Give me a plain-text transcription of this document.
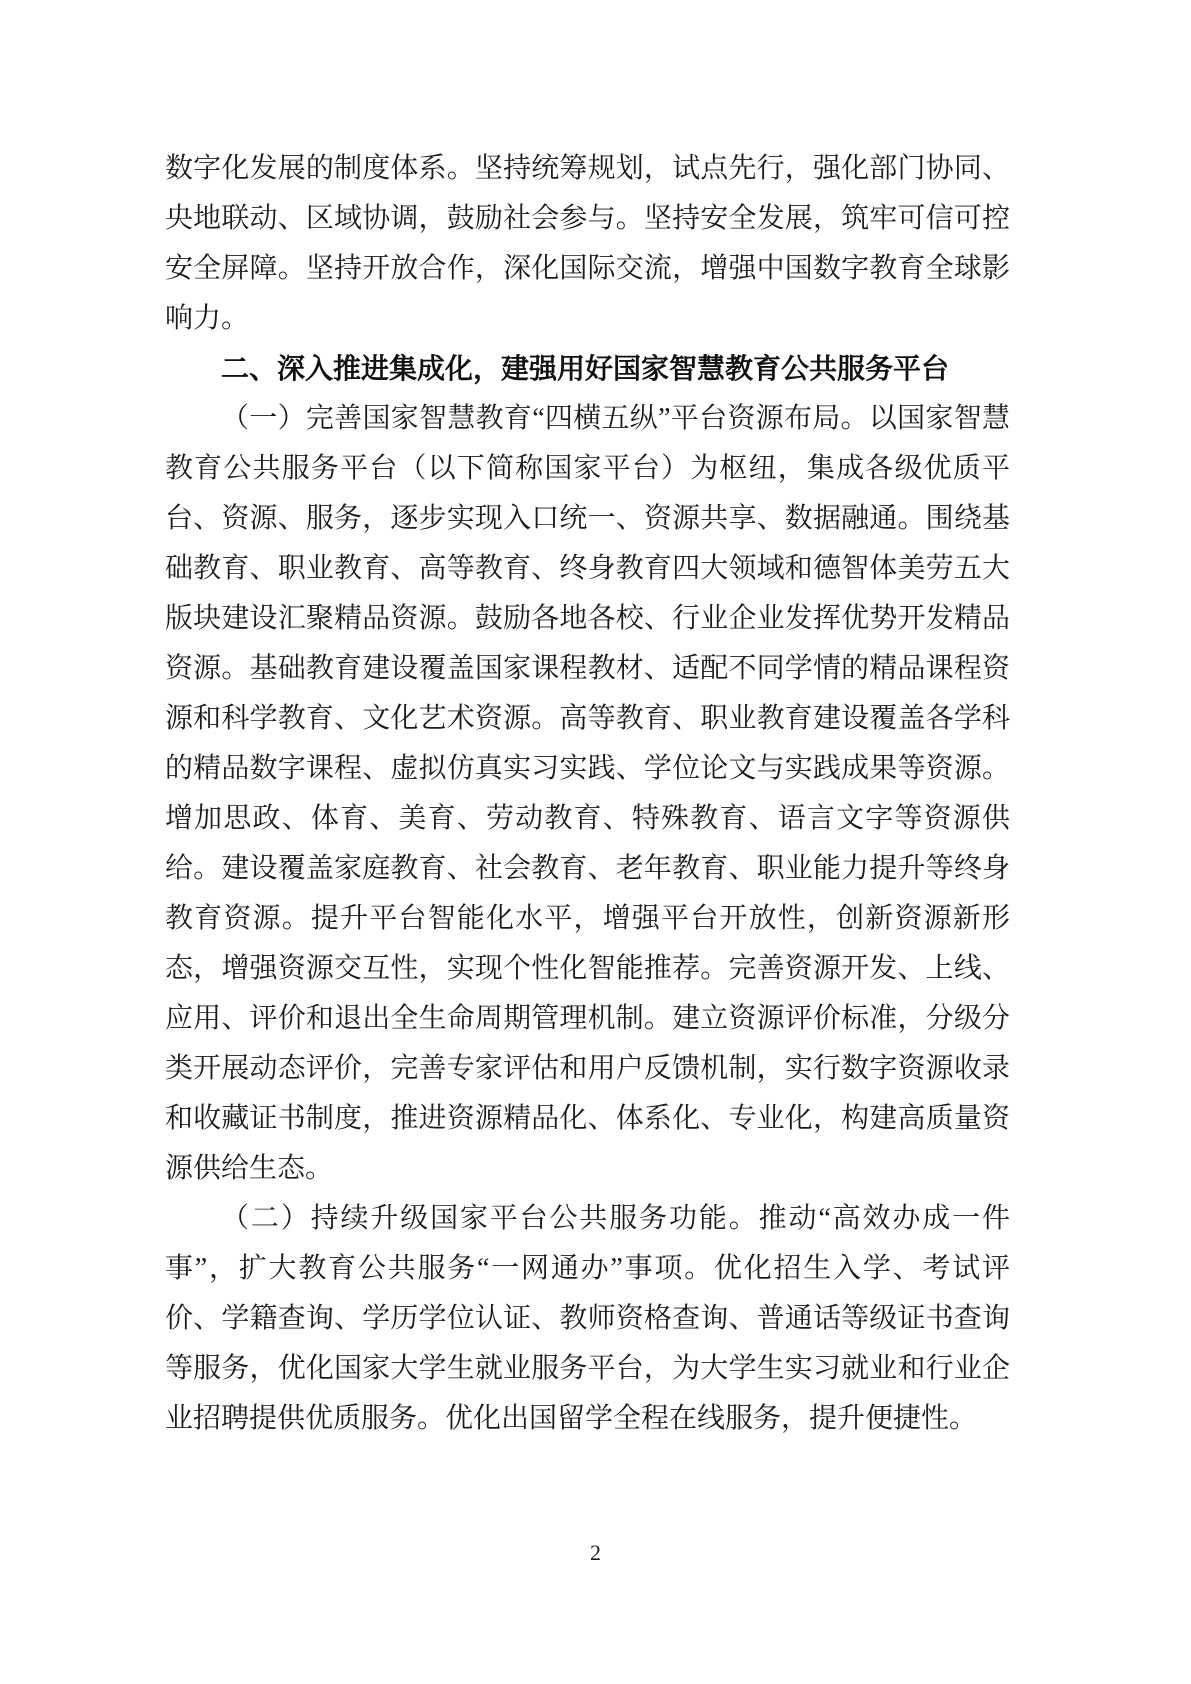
数字化发展的制度体系。坚持统筹规划，试点先行，强化部门协同、央地联动、区域协调，鼓励社会参与。坚持安全发展，筑牢可信可控安全屏障。坚持开放合作，深化国际交流，增强中国数字教育全球影响力。

二、深入推进集成化，建强用好国家智慧教育公共服务平台

（一）完善国家智慧教育“四横五纵”平台资源布局。以国家智慧教育公共服务平台（以下简称国家平台）为枢纽，集成各级优质平台、资源、服务，逐步实现入口统一、资源共享、数据融通。围绕基础教育、职业教育、高等教育、终身教育四大领域和德智体美劳五大版块建设汇聚精品资源。鼓励各地各校、行业企业发挥优势开发精品资源。基础教育建设覆盖国家课程教材、适配不同学情的精品课程资源和科学教育、文化艺术资源。高等教育、职业教育建设覆盖各学科的精品数字课程、虚拟仿真实习实践、学位论文与实践成果等资源。增加思政、体育、美育、劳动教育、特殊教育、语言文字等资源供给。建设覆盖家庭教育、社会教育、老年教育、职业能力提升等终身教育资源。提升平台智能化水平，增强平台开放性，创新资源新形态，增强资源交互性，实现个性化智能推荐。完善资源开发、上线、应用、评价和退出全生命周期管理机制。建立资源评价标准，分级分类开展动态评价，完善专家评估和用户反馈机制，实行数字资源收录和收藏证书制度，推进资源精品化、体系化、专业化，构建高质量资源供给生态。

（二）持续升级国家平台公共服务功能。推动“高效办成一件事”，扩大教育公共服务“一网通办”事项。优化招生入学、考试评价、学籍查询、学历学位认证、教师资格查询、普通话等级证书查询等服务，优化国家大学生就业服务平台，为大学生实习就业和行业企业招聘提供优质服务。优化出国留学全程在线服务，提升便捷性。

2
